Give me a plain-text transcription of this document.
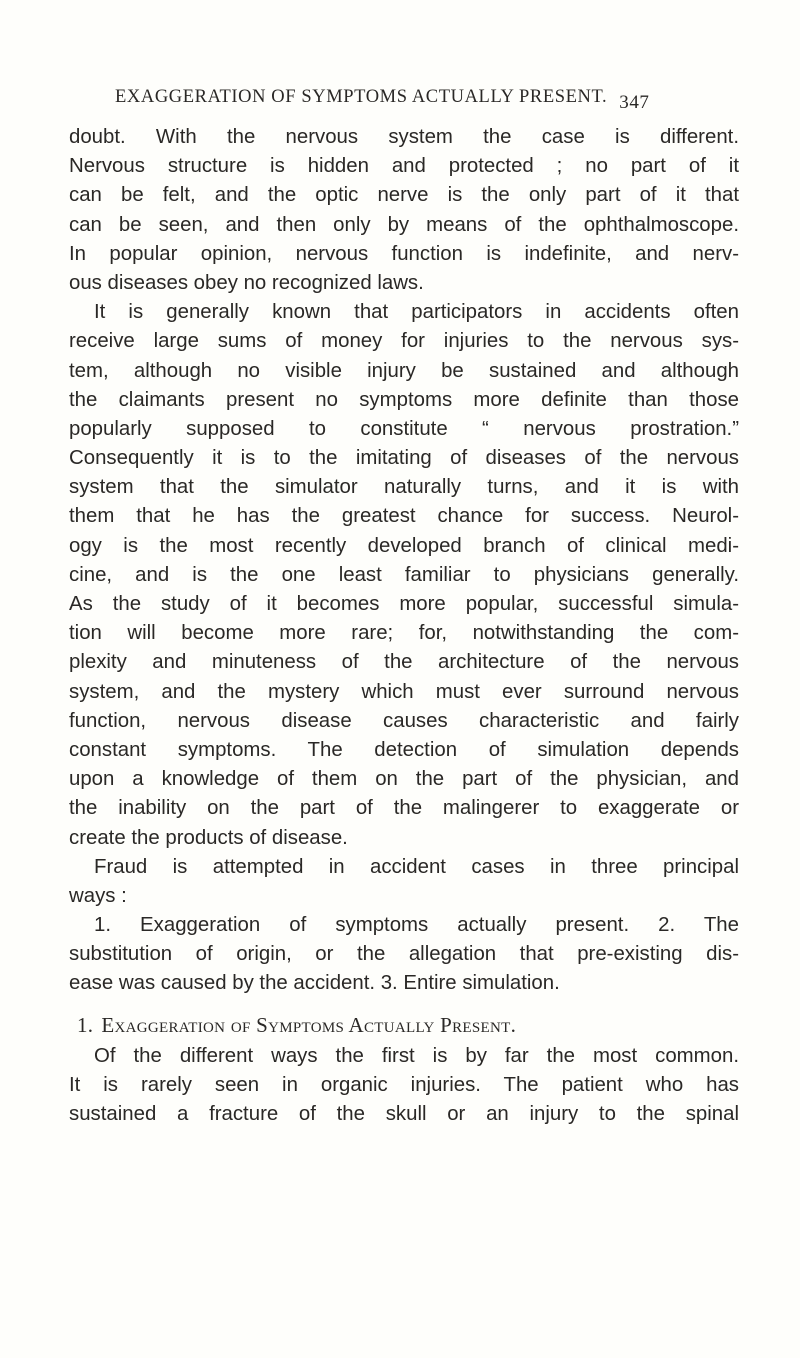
EXAGGERATION OF SYMPTOMS ACTUALLY PRESENT. 347
doubt. With the nervous system the case is different.
Nervous structure is hidden and protected ; no part of it
can be felt, and the optic nerve is the only part of it that
can be seen, and then only by means of the ophthalmoscope.
In popular opinion, nervous function is indefinite, and nerv-
ous diseases obey no recognized laws.
It is generally known that participators in accidents often
receive large sums of money for injuries to the nervous sys-
tem, although no visible injury be sustained and although
the claimants present no symptoms more definite than those
popularly supposed to constitute “ nervous prostration.”
Consequently it is to the imitating of diseases of the nervous
system that the simulator naturally turns, and it is with
them that he has the greatest chance for success. Neurol-
ogy is the most recently developed branch of clinical medi-
cine, and is the one least familiar to physicians generally.
As the study of it becomes more popular, successful simula-
tion will become more rare; for, notwithstanding the com-
plexity and minuteness of the architecture of the nervous
system, and the mystery which must ever surround nervous
function, nervous disease causes characteristic and fairly
constant symptoms. The detection of simulation depends
upon a knowledge of them on the part of the physician, and
the inability on the part of the malingerer to exaggerate or
create the products of disease.
Fraud is attempted in accident cases in three principal
ways :
1. Exaggeration of symptoms actually present. 2. The
substitution of origin, or the allegation that pre-existing dis-
ease was caused by the accident. 3. Entire simulation.
1. Exaggeration of Symptoms Actually Present.
Of the different ways the first is by far the most common.
It is rarely seen in organic injuries. The patient who has
sustained a fracture of the skull or an injury to the spinal
